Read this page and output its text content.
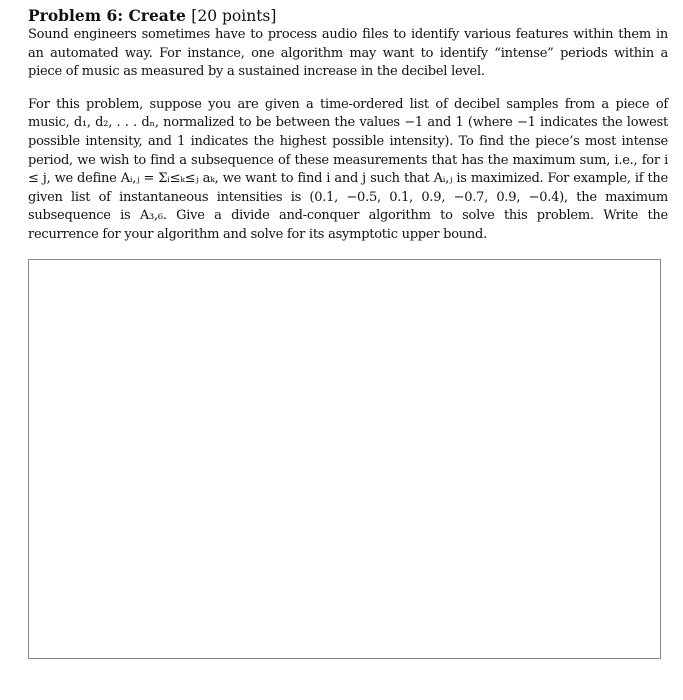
Problem 6: Create [20 points]

Sound engineers sometimes have to process audio files to identify various features within them in an automated way. For instance, one algorithm may want to identify “intense” periods within a piece of music as measured by a sustained increase in the decibel level.

For this problem, suppose you are given a time-ordered list of decibel samples from a piece of music, d₁, d₂, . . . dₙ, normalized to be between the values −1 and 1 (where −1 indicates the lowest possible intensity, and 1 indicates the highest possible intensity). To find the piece’s most intense period, we wish to find a subsequence of these measurements that has the maximum sum, i.e., for i ≤ j, we define Aᵢ,ⱼ = Σᵢ≤ₖ≤ⱼ aₖ, we want to find i and j such that Aᵢ,ⱼ is maximized. For example, if the given list of instantaneous intensities is (0.1, −0.5, 0.1, 0.9, −0.7, 0.9, −0.4), the maximum subsequence is A₃,₆. Give a divide and-conquer algorithm to solve this problem. Write the recurrence for your algorithm and solve for its asymptotic upper bound.
